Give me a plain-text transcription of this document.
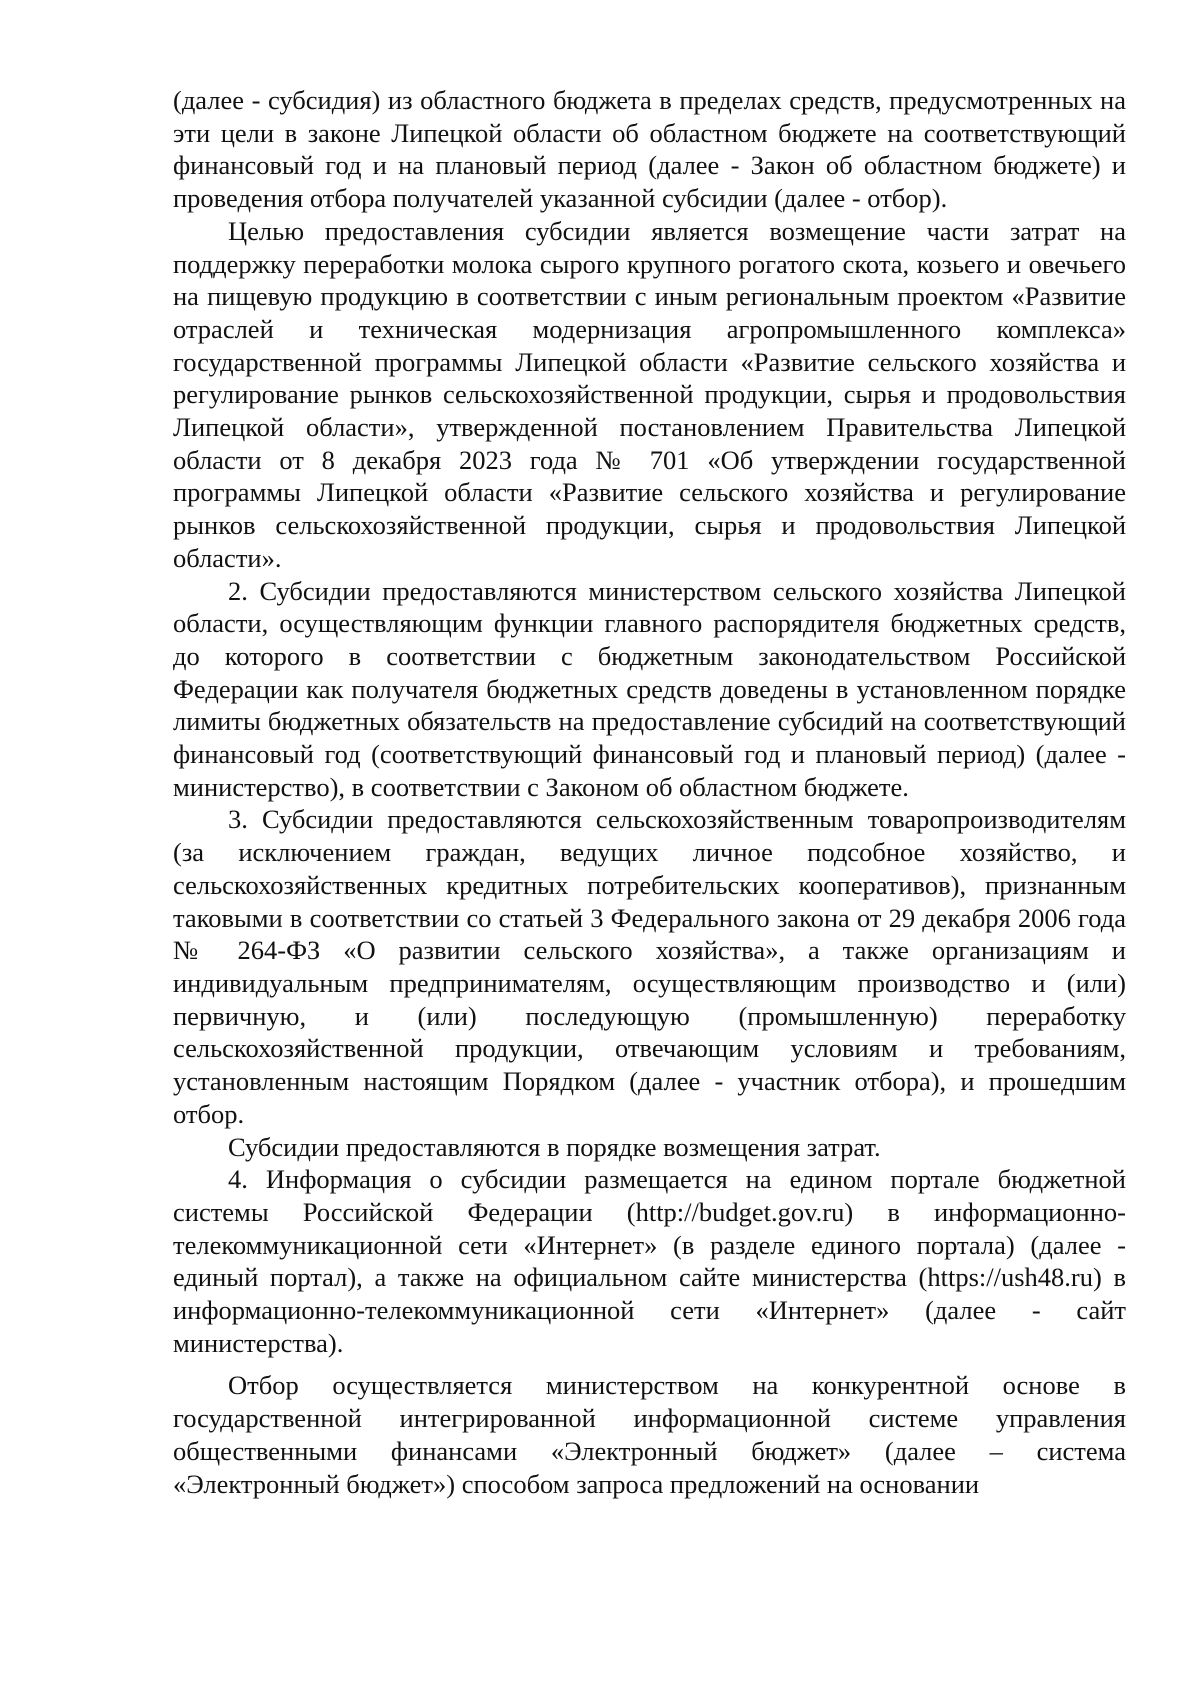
(далее - субсидия) из областного бюджета в пределах средств, предусмотренных на эти цели в законе Липецкой области об областном бюджете на соответствующий финансовый год и на плановый период (далее - Закон об областном бюджете) и проведения отбора получателей указанной субсидии (далее - отбор).

Целью предоставления субсидии является возмещение части затрат на поддержку переработки молока сырого крупного рогатого скота, козьего и овечьего на пищевую продукцию в соответствии с иным региональным проектом «Развитие отраслей и техническая модернизация агропромышленного комплекса» государственной программы Липецкой области «Развитие сельского хозяйства и регулирование рынков сельскохозяйственной продукции, сырья и продовольствия Липецкой области», утвержденной постановлением Правительства Липецкой области от 8 декабря 2023 года № 701 «Об утверждении государственной программы Липецкой области «Развитие сельского хозяйства и регулирование рынков сельскохозяйственной продукции, сырья и продовольствия Липецкой области».

2. Субсидии предоставляются министерством сельского хозяйства Липецкой области, осуществляющим функции главного распорядителя бюджетных средств, до которого в соответствии с бюджетным законодательством Российской Федерации как получателя бюджетных средств доведены в установленном порядке лимиты бюджетных обязательств на предоставление субсидий на соответствующий финансовый год (соответствующий финансовый год и плановый период) (далее - министерство), в соответствии с Законом об областном бюджете.

3. Субсидии предоставляются сельскохозяйственным товаропроизводителям (за исключением граждан, ведущих личное подсобное хозяйство, и сельскохозяйственных кредитных потребительских кооперативов), признанным таковыми в соответствии со статьей 3 Федерального закона от 29 декабря 2006 года № 264-ФЗ «О развитии сельского хозяйства», а также организациям и индивидуальным предпринимателям, осуществляющим производство и (или) первичную, и (или) последующую (промышленную) переработку сельскохозяйственной продукции, отвечающим условиям и требованиям, установленным настоящим Порядком (далее - участник отбора), и прошедшим отбор.

Субсидии предоставляются в порядке возмещения затрат.

4. Информация о субсидии размещается на едином портале бюджетной системы Российской Федерации (http://budget.gov.ru) в информационно-телекоммуникационной сети «Интернет» (в разделе единого портала) (далее - единый портал), а также на официальном сайте министерства (https://ush48.ru) в информационно-телекоммуникационной сети «Интернет» (далее - сайт министерства).

Отбор осуществляется министерством на конкурентной основе в государственной интегрированной информационной системе управления общественными финансами «Электронный бюджет» (далее – система «Электронный бюджет») способом запроса предложений на основании
